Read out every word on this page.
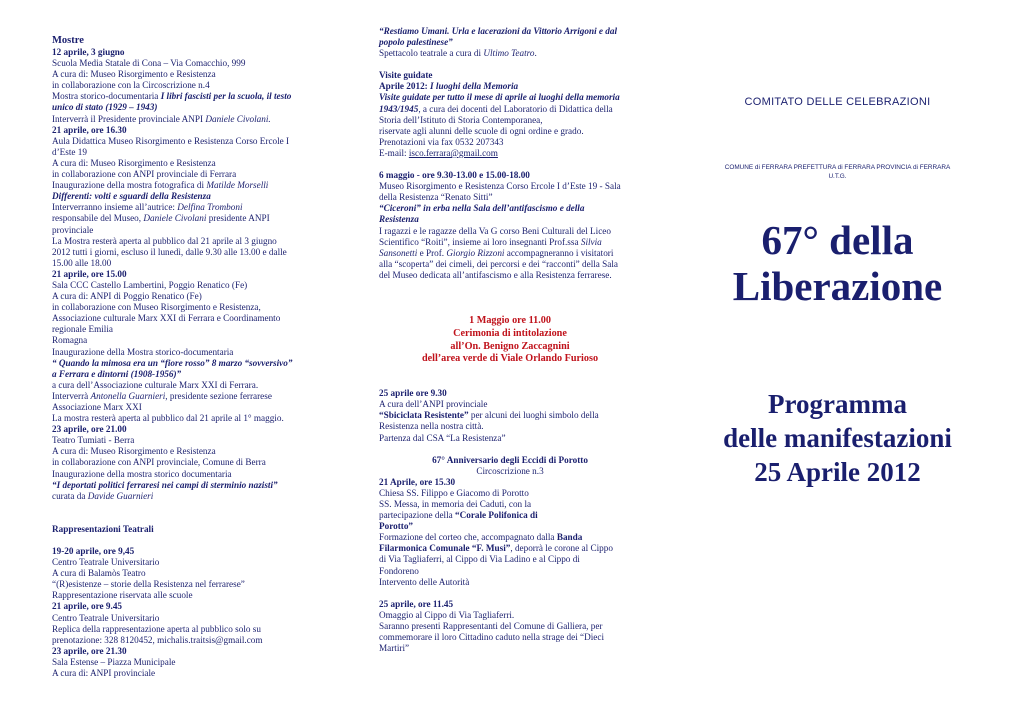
Mostre
12 aprile, 3 giugno
Scuola Media Statale di Cona – Via Comacchio, 999
A cura di: Museo Risorgimento e Resistenza
in collaborazione con la Circoscrizione n.4
Mostra storico-documentaria I libri fascisti per la scuola, il testo
unico di stato (1929 – 1943)
Interverrà il Presidente provinciale ANPI Daniele Civolani.
21 aprile, ore 16.30
Aula Didattica Museo Risorgimento e Resistenza Corso Ercole I
d’Este 19
A cura di: Museo Risorgimento e Resistenza
in collaborazione con ANPI provinciale di Ferrara
Inaugurazione della mostra fotografica di Matilde Morselli
Differenti: volti e sguardi della Resistenza
Interverranno insieme all’autrice: Delfina Tromboni
responsabile del Museo, Daniele Civolani presidente ANPI
provinciale
La Mostra resterà aperta al pubblico dal 21 aprile al 3 giugno
2012 tutti i giorni, escluso il lunedì, dalle 9.30 alle 13.00 e dalle
15.00 alle 18.00
21 aprile, ore 15.00
Sala CCC Castello Lambertini, Poggio Renatico (Fe)
A cura di: ANPI di Poggio Renatico (Fe)
in collaborazione con Museo Risorgimento e Resistenza,
Associazione culturale Marx XXI di Ferrara e Coordinamento
regionale Emilia
Romagna
Inaugurazione della Mostra storico-documentaria
“ Quando la mimosa era un “fiore rosso” 8 marzo “sovversivo”
a Ferrara e dintorni (1908-1956)”
a cura dell’Associazione culturale Marx XXI di Ferrara.
Interverrà Antonella Guarnieri, presidente sezione ferrarese
Associazione Marx XXI
La mostra resterà aperta al pubblico dal 21 aprile al 1° maggio.
23 aprile, ore 21.00
Teatro Tumiati - Berra
A cura di: Museo Risorgimento e Resistenza
in collaborazione con ANPI provinciale, Comune di Berra
Inaugurazione della mostra storico documentaria
“I deportati politici ferraresi nei campi di sterminio nazisti”
curata da Davide Guarnieri
Rappresentazioni Teatrali
19-20 aprile, ore 9,45
Centro Teatrale Universitario
A cura di Balamòs Teatro
“(R)esistenze – storie della Resistenza nel ferrarese”
Rappresentazione riservata alle scuole
21 aprile, ore 9.45
Centro Teatrale Universitario
Replica della rappresentazione aperta al pubblico solo su
prenotazione: 328 8120452, michalis.traitsis@gmail.com
23 aprile, ore 21.30
Sala Estense – Piazza Municipale
A cura di: ANPI provinciale
“Restiamo Umani. Urla e lacerazioni da Vittorio Arrigoni e dal
popolo palestinese”
Spettacolo teatrale a cura di Ultimo Teatro.
Visite guidate
Aprile 2012: I luoghi della Memoria
Visite guidate per tutto il mese di aprile ai luoghi della memoria
1943/1945, a cura dei docenti del Laboratorio di Didattica della
Storia dell’Istituto di Storia Contemporanea,
riservate agli alunni delle scuole di ogni ordine e grado.
Prenotazioni via fax 0532 207343
E-mail: isco.ferrara@gmail.com
6 maggio - ore 9.30-13.00 e 15.00-18.00
Museo Risorgimento e Resistenza Corso Ercole I d’Este 19 - Sala
della Resistenza “Renato Sitti”
“Ciceroni” in erba nella Sala dell’antifascismo e della
Resistenza
I ragazzi e le ragazze della Va G corso Beni Culturali del Liceo
Scientifico “Roiti”, insieme ai loro insegnanti Prof.ssa Silvia
Sansonetti e Prof. Giorgio Rizzoni accompagneranno i visitatori
alla “scoperta” dei cimeli, dei percorsi e dei “racconti” della Sala
del Museo dedicata all’antifascismo e alla Resistenza ferrarese.
1 Maggio ore 11.00
Cerimonia di intitolazione
all’On. Benigno Zaccagnini
dell’area verde di Viale Orlando Furioso
25 aprile ore 9.30
A cura dell’ANPI provinciale
“Sbiciclata Resistente” per alcuni dei luoghi simbolo della
Resistenza nella nostra città.
Partenza dal CSA “La Resistenza”
67° Anniversario degli Eccidi di Porotto
Circoscrizione n.3
21 Aprile, ore 15.30
Chiesa SS. Filippo e Giacomo di Porotto
SS. Messa, in memoria dei Caduti, con la
partecipazione della “Corale Polifonica di
Porotto”
Formazione del corteo che, accompagnato dalla Banda
Filarmonica Comunale “F. Musi”, deporrà le corone al Cippo
di Via Tagliaferri, al Cippo di Via Ladino e al Cippo di
Fondoreno
Intervento delle Autorità
25 aprile, ore 11.45
Omaggio al Cippo di Via Tagliaferri.
Saranno presenti Rappresentanti del Comune di Galliera, per
commemorare il loro Cittadino caduto nella strage dei “Dieci
Martiri”
COMITATO DELLE CELEBRAZIONI
COMUNE di FERRARA PREFETTURA di FERRARA PROVINCIA di FERRARA
U.T.G.
67° della
Liberazione
Programma
delle manifestazioni
25 Aprile 2012
